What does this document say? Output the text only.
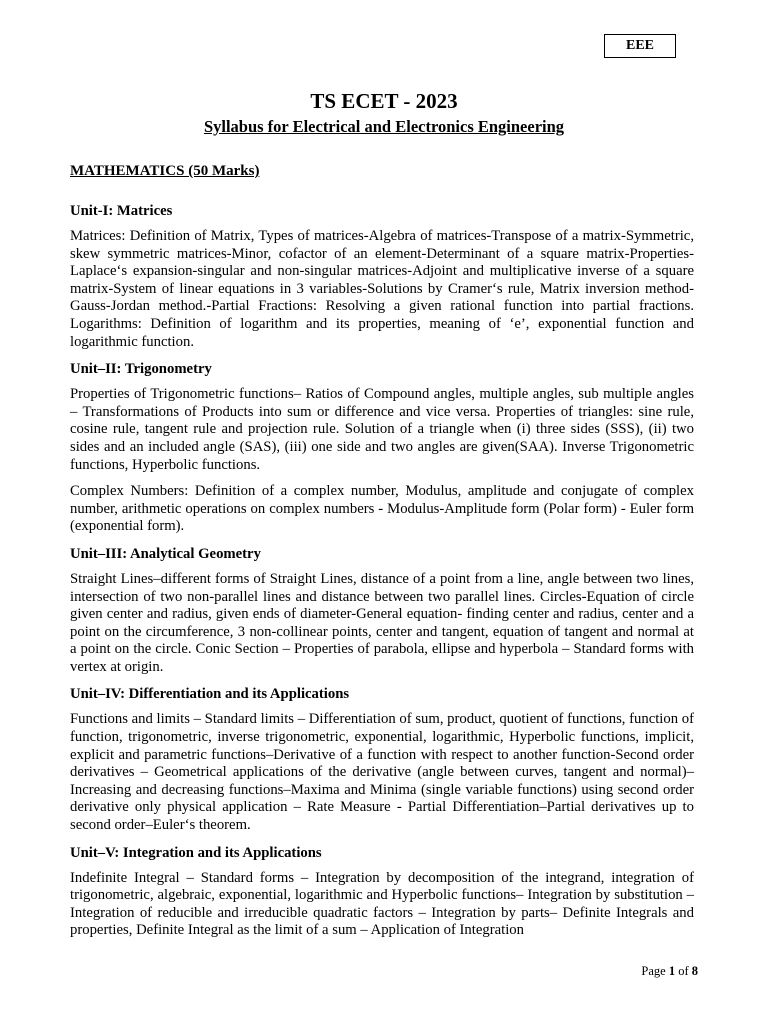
EEE
TS ECET - 2023
Syllabus for Electrical and Electronics Engineering
MATHEMATICS (50 Marks)
Unit-I: Matrices

Matrices: Definition of Matrix, Types of matrices-Algebra of matrices-Transpose of a matrix-Symmetric, skew symmetric matrices-Minor, cofactor of an element-Determinant of a square matrix-Properties-Laplace‘s expansion-singular and non-singular matrices-Adjoint and multiplicative inverse of a square matrix-System of linear equations in 3 variables-Solutions by Cramer‘s rule, Matrix inversion method-Gauss-Jordan method.-Partial Fractions: Resolving a given rational function into partial fractions. Logarithms: Definition of logarithm and its properties, meaning of ‘e’, exponential function and logarithmic function.

Unit–II: Trigonometry

Properties of Trigonometric functions– Ratios of Compound angles, multiple angles, sub multiple angles – Transformations of Products into sum or difference and vice versa. Properties of triangles: sine rule, cosine rule, tangent rule and projection rule. Solution of a triangle when (i) three sides (SSS), (ii) two sides and an included angle (SAS), (iii) one side and two angles are given(SAA). Inverse Trigonometric functions, Hyperbolic functions.

Complex Numbers: Definition of a complex number, Modulus, amplitude and conjugate of complex number, arithmetic operations on complex numbers - Modulus-Amplitude form (Polar form) - Euler form (exponential form).

Unit–III: Analytical Geometry

Straight Lines–different forms of Straight Lines, distance of a point from a line, angle between two lines, intersection of two non-parallel lines and distance between two parallel lines. Circles-Equation of circle given center and radius, given ends of diameter-General equation- finding center and radius, center and a point on the circumference, 3 non-collinear points, center and tangent, equation of tangent and normal at a point on the circle. Conic Section – Properties of parabola, ellipse and hyperbola – Standard forms with vertex at origin.

Unit–IV: Differentiation and its Applications

Functions and limits – Standard limits – Differentiation of sum, product, quotient of functions, function of function, trigonometric, inverse trigonometric, exponential, logarithmic, Hyperbolic functions, implicit, explicit and parametric functions–Derivative of a function with respect to another function-Second order derivatives – Geometrical applications of the derivative (angle between curves, tangent and normal)–Increasing and decreasing functions–Maxima and Minima (single variable functions) using second order derivative only physical application – Rate Measure - Partial Differentiation–Partial derivatives up to second order–Euler‘s theorem.

Unit–V: Integration and its Applications

Indefinite Integral – Standard forms – Integration by decomposition of the integrand, integration of trigonometric, algebraic, exponential, logarithmic and Hyperbolic functions– Integration by substitution –Integration of reducible and irreducible quadratic factors – Integration by parts– Definite Integrals and properties, Definite Integral as the limit of a sum – Application of Integration

Page 1 of 8
